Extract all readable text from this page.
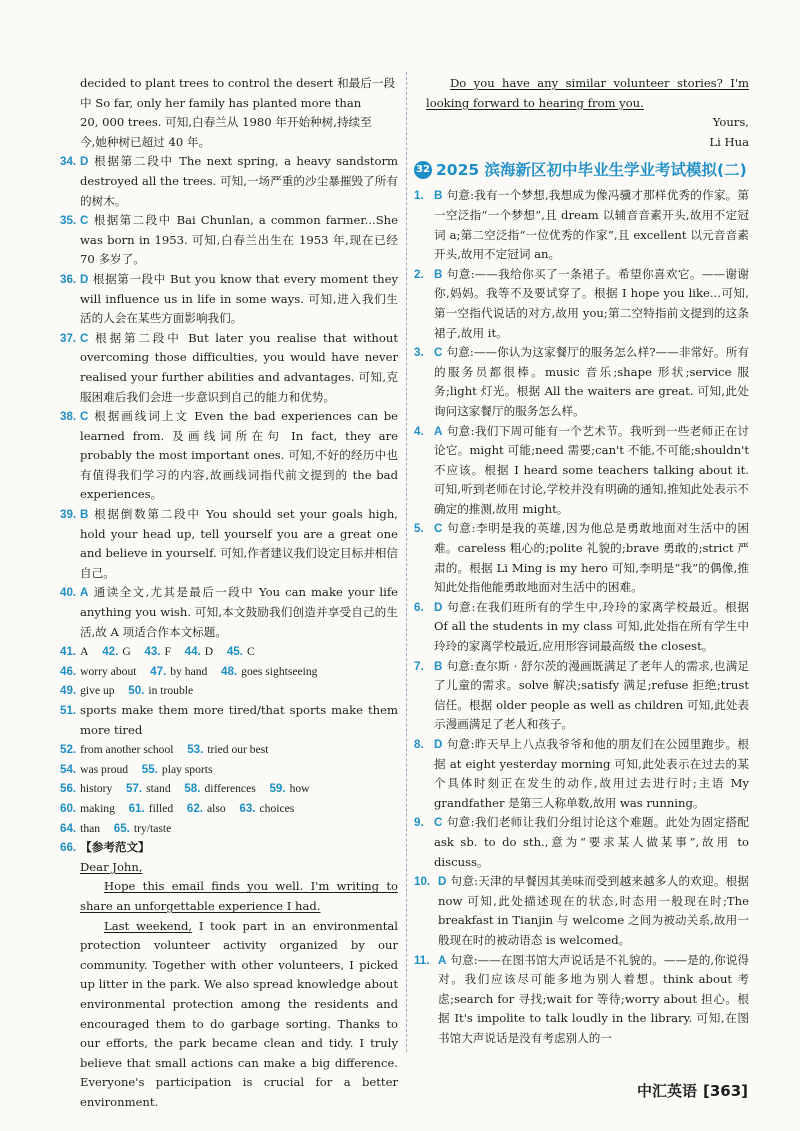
decided to plant trees to control the desert 和最后一段
中 So far, only her family has planted more than
20, 000 trees. 可知,白春兰从 1980 年开始种树,持续至
今,她种树已超过 40 年。
34. D 根据第二段中 The next spring, a heavy sandstorm destroyed all the trees. 可知,一场严重的沙尘暴摧毁了所有的树木。
35. C 根据第二段中 Bai Chunlan, a common farmer...She was born in 1953. 可知,白春兰出生在 1953 年,现在已经 70 多岁了。
36. D 根据第一段中 But you know that every moment they will influence us in life in some ways. 可知,进入我们生活的人会在某些方面影响我们。
37. C 根据第二段中 But later you realise that without overcoming those difficulties, you would have never realised your further abilities and advantages. 可知,克服困难后我们会进一步意识到自己的能力和优势。
38. C 根据画线词上文 Even the bad experiences can be learned from. 及画线词所在句 In fact, they are probably the most important ones. 可知,不好的经历中也有值得我们学习的内容,故画线词指代前文提到的 the bad experiences。
39. B 根据倒数第二段中 You should set your goals high, hold your head up, tell yourself you are a great one and believe in yourself. 可知,作者建议我们设定目标并相信自己。
40. A 通读全文,尤其是最后一段中 You can make your life anything you wish. 可知,本文鼓励我们创造并享受自己的生活,故 A 项适合作本文标题。
41. A 42. G 43. F 44. D 45. C
46. worry about 47. by hand 48. goes sightseeing
49. give up 50. in trouble
51. sports make them more tired/that sports make them more tired
52. from another school 53. tried our best
54. was proud 55. play sports
56. history 57. stand 58. differences 59. how
60. making 61. filled 62. also 63. choices
64. than 65. try/taste
66. 【参考范文】

Dear John,

Hope this email finds you well. I'm writing to share an unforgettable experience I had.

Last weekend, I took part in an environmental protection volunteer activity organized by our community. Together with other volunteers, I picked up litter in the park. We also spread knowledge about environmental protection among the residents and encouraged them to do garbage sorting. Thanks to our efforts, the park became clean and tidy. I truly believe that small actions can make a big difference. Everyone's participation is crucial for a better environment.

Do you have any similar volunteer stories? I'm looking forward to hearing from you.

Yours,

Li Hua

32 2025 滨海新区初中毕业生学业考试模拟(二)
1. B 句意:我有一个梦想,我想成为像冯骥才那样优秀的作家。第一空泛指“一个梦想”,且 dream 以辅音音素开头,故用不定冠词 a;第二空泛指“一位优秀的作家”,且 excellent 以元音音素开头,故用不定冠词 an。
2. B 句意:——我给你买了一条裙子。希望你喜欢它。——谢谢你,妈妈。我等不及要试穿了。根据 I hope you like...可知,第一空指代说话的对方,故用 you;第二空特指前文提到的这条裙子,故用 it。
3. C 句意:——你认为这家餐厅的服务怎么样?——非常好。所有的服务员都很棒。music 音乐;shape 形状;service 服务;light 灯光。根据 All the waiters are great. 可知,此处询问这家餐厅的服务怎么样。
4. A 句意:我们下周可能有一个艺术节。我听到一些老师正在讨论它。might 可能;need 需要;can't 不能,不可能;shouldn't 不应该。根据 I heard some teachers talking about it. 可知,听到老师在讨论,学校并没有明确的通知,推知此处表示不确定的推测,故用 might。
5. C 句意:李明是我的英雄,因为他总是勇敢地面对生活中的困难。careless 粗心的;polite 礼貌的;brave 勇敢的;strict 严肃的。根据 Li Ming is my hero 可知,李明是“我”的偶像,推知此处指他能勇敢地面对生活中的困难。
6. D 句意:在我们班所有的学生中,玲玲的家离学校最近。根据 Of all the students in my class 可知,此处指在所有学生中玲玲的家离学校最近,应用形容词最高级 the closest。
7. B 句意:查尔斯 · 舒尔茨的漫画既满足了老年人的需求,也满足了儿童的需求。solve 解决;satisfy 满足;refuse 拒绝;trust 信任。根据 older people as well as children 可知,此处表示漫画满足了老人和孩子。
8. D 句意:昨天早上八点我爷爷和他的朋友们在公园里跑步。根据 at eight yesterday morning 可知,此处表示在过去的某个具体时刻正在发生的动作,故用过去进行时;主语 My grandfather 是第三人称单数,故用 was running。
9. C 句意:我们老师让我们分组讨论这个难题。此处为固定搭配 ask sb. to do sth.,意为“要求某人做某事”,故用 to discuss。
10. D 句意:天津的早餐因其美味而受到越来越多人的欢迎。根据 now 可知,此处描述现在的状态,时态用一般现在时;The breakfast in Tianjin 与 welcome 之间为被动关系,故用一般现在时的被动语态 is welcomed。
11. A 句意:——在图书馆大声说话是不礼貌的。——是的,你说得对。我们应该尽可能多地为别人着想。think about 考虑;search for 寻找;wait for 等待;worry about 担心。根据 It's impolite to talk loudly in the library. 可知,在图书馆大声说话是没有考虑别人的一
中汇英语 [363]
